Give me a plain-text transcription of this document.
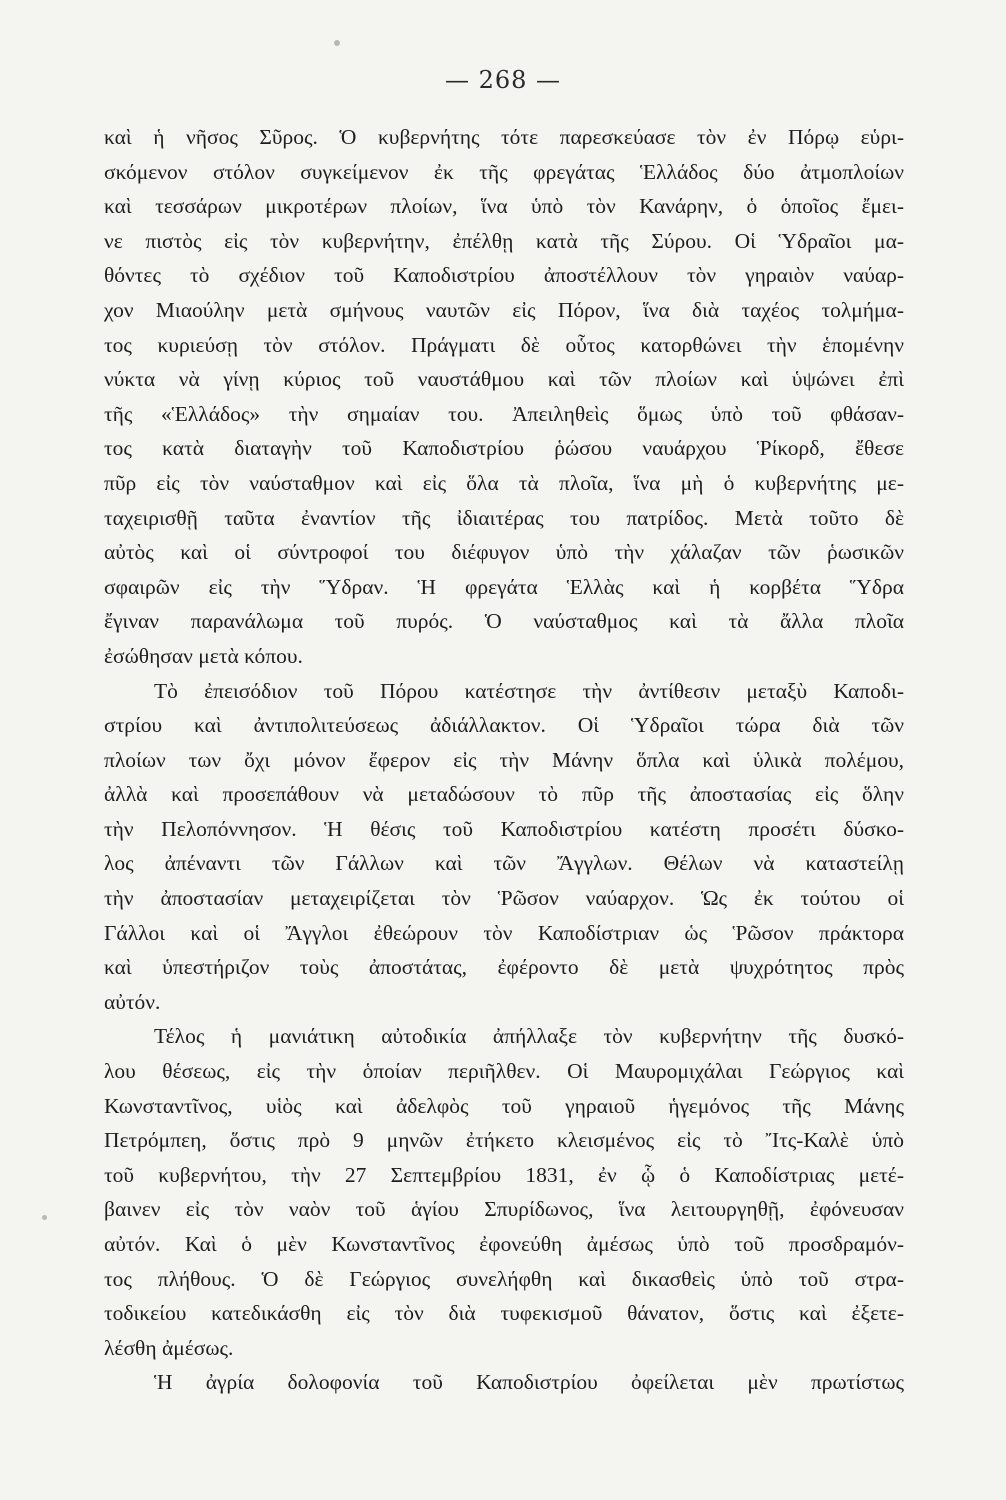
— 268 —
καὶ ἡ νῆσος Σῦρος. Ὁ κυβερνήτης τότε παρεσκεύασε τὸν ἐν Πόρῳ εὑρι-
σκόμενον στόλον συγκείμενον ἐκ τῆς φρεγάτας Ἑλλάδος δύο ἀτμοπλοίων
καὶ τεσσάρων μικροτέρων πλοίων, ἵνα ὑπὸ τὸν Κανάρην, ὁ ὁποῖος ἔμει-
νε πιστὸς εἰς τὸν κυβερνήτην, ἐπέλθῃ κατὰ τῆς Σύρου. Οἱ Ὑδραῖοι μα-
θόντες τὸ σχέδιον τοῦ Καποδιστρίου ἀποστέλλουν τὸν γηραιὸν ναύαρ-
χον Μιαούλην μετὰ σμήνους ναυτῶν εἰς Πόρον, ἵνα διὰ ταχέος τολμήμα-
τος κυριεύσῃ τὸν στόλον. Πράγματι δὲ οὗτος κατορθώνει τὴν ἑπομένην
νύκτα νὰ γίνῃ κύριος τοῦ ναυστάθμου καὶ τῶν πλοίων καὶ ὑψώνει ἐπὶ
τῆς «Ἑλλάδος» τὴν σημαίαν του. Ἀπειληθεὶς ὅμως ὑπὸ τοῦ φθάσαν-
τος κατὰ διαταγὴν τοῦ Καποδιστρίου ῥώσου ναυάρχου Ῥίκορδ, ἔθεσε
πῦρ εἰς τὸν ναύσταθμον καὶ εἰς ὅλα τὰ πλοῖα, ἵνα μὴ ὁ κυβερνήτης με-
ταχειρισθῇ ταῦτα ἐναντίον τῆς ἰδιαιτέρας του πατρίδος. Μετὰ τοῦτο δὲ
αὐτὸς καὶ οἱ σύντροφοί του διέφυγον ὑπὸ τὴν χάλαζαν τῶν ῥωσικῶν
σφαιρῶν εἰς τὴν Ὕδραν. Ἡ φρεγάτα Ἑλλὰς καὶ ἡ κορβέτα Ὕδρα
ἔγιναν παρανάλωμα τοῦ πυρός. Ὁ ναύσταθμος καὶ τὰ ἄλλα πλοῖα
ἐσώθησαν μετὰ κόπου.
Τὸ ἐπεισόδιον τοῦ Πόρου κατέστησε τὴν ἀντίθεσιν μεταξὺ Καποδι-
στρίου καὶ ἀντιπολιτεύσεως ἀδιάλλακτον. Οἱ Ὑδραῖοι τώρα διὰ τῶν
πλοίων των ὄχι μόνον ἔφερον εἰς τὴν Μάνην ὅπλα καὶ ὑλικὰ πολέμου,
ἀλλὰ καὶ προσεπάθουν νὰ μεταδώσουν τὸ πῦρ τῆς ἀποστασίας εἰς ὅλην
τὴν Πελοπόννησον. Ἡ θέσις τοῦ Καποδιστρίου κατέστη προσέτι δύσκο-
λος ἀπέναντι τῶν Γάλλων καὶ τῶν Ἄγγλων. Θέλων νὰ καταστείλῃ
τὴν ἀποστασίαν μεταχειρίζεται τὸν Ῥῶσον ναύαρχον. Ὡς ἐκ τούτου οἱ
Γάλλοι καὶ οἱ Ἄγγλοι ἐθεώρουν τὸν Καποδίστριαν ὡς Ῥῶσον πράκτορα
καὶ ὑπεστήριζον τοὺς ἀποστάτας, ἐφέροντο δὲ μετὰ ψυχρότητος πρὸς
αὐτόν.
Τέλος ἡ μανιάτικη αὐτοδικία ἀπήλλαξε τὸν κυβερνήτην τῆς δυσκό-
λου θέσεως, εἰς τὴν ὁποίαν περιῆλθεν. Οἱ Μαυρομιχάλαι Γεώργιος καὶ
Κωνσταντῖνος, υἱὸς καὶ ἀδελφὸς τοῦ γηραιοῦ ἡγεμόνος τῆς Μάνης
Πετρόμπεη, ὅστις πρὸ 9 μηνῶν ἐτήκετο κλεισμένος εἰς τὸ Ἴτς-Καλὲ ὑπὸ
τοῦ κυβερνήτου, τὴν 27 Σεπτεμβρίου 1831, ἐν ᾧ ὁ Καποδίστριας μετέ-
βαινεν εἰς τὸν ναὸν τοῦ ἁγίου Σπυρίδωνος, ἵνα λειτουργηθῇ, ἐφόνευσαν
αὐτόν. Καὶ ὁ μὲν Κωνσταντῖνος ἐφονεύθη ἀμέσως ὑπὸ τοῦ προσδραμόν-
τος πλήθους. Ὁ δὲ Γεώργιος συνελήφθη καὶ δικασθεὶς ὑπὸ τοῦ στρα-
τοδικείου κατεδικάσθη εἰς τὸν διὰ τυφεκισμοῦ θάνατον, ὅστις καὶ ἐξετε-
λέσθη ἀμέσως.
Ἡ ἀγρία δολοφονία τοῦ Καποδιστρίου ὀφείλεται μὲν πρωτίστως
